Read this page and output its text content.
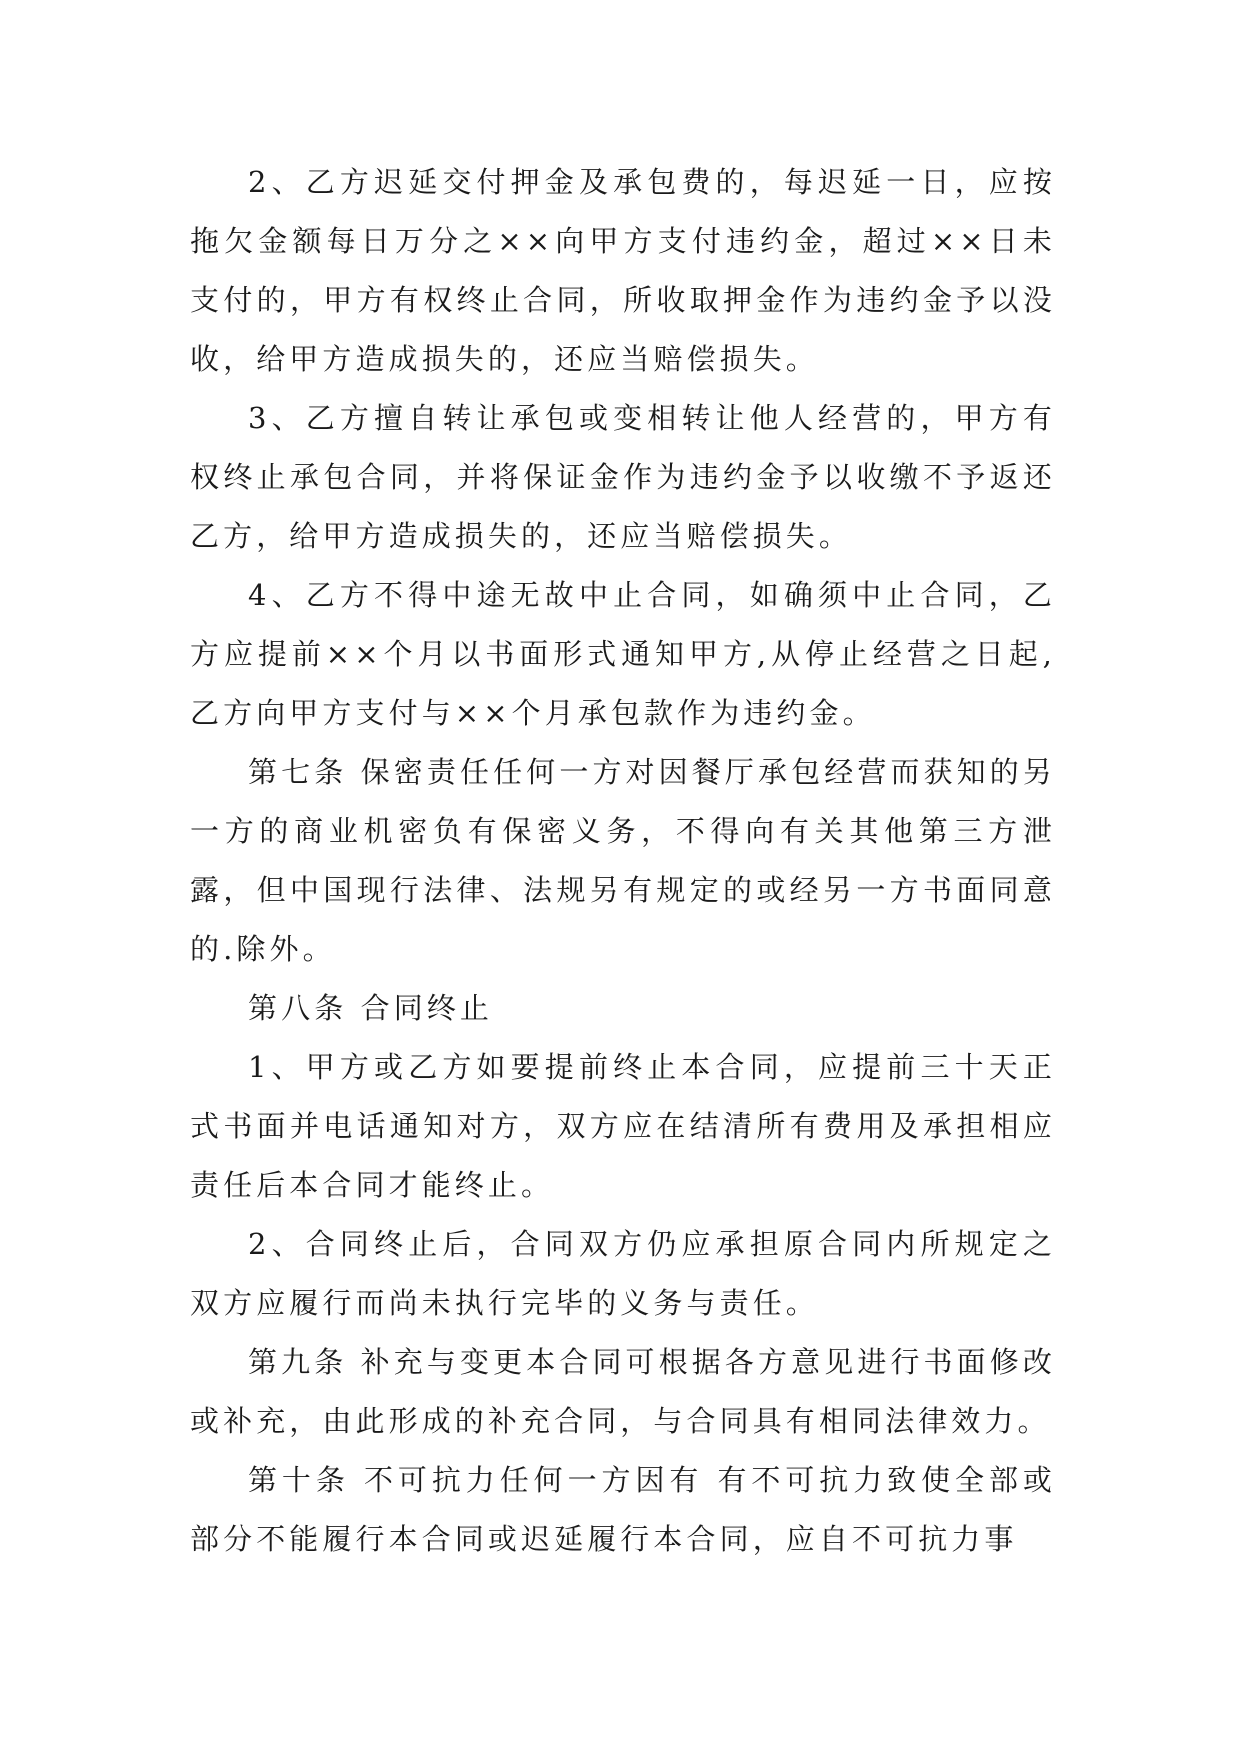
2、乙方迟延交付押金及承包费的，每迟延一日，应按拖欠金额每日万分之××向甲方支付违约金，超过××日未支付的，甲方有权终止合同，所收取押金作为违约金予以没收，给甲方造成损失的，还应当赔偿损失。

3、乙方擅自转让承包或变相转让他人经营的，甲方有权终止承包合同，并将保证金作为违约金予以收缴不予返还乙方，给甲方造成损失的，还应当赔偿损失。

4、乙方不得中途无故中止合同，如确须中止合同，乙方应提前××个月以书面形式通知甲方,从停止经营之日起,乙方向甲方支付与××个月承包款作为违约金。

第七条 保密责任任何一方对因餐厅承包经营而获知的另一方的商业机密负有保密义务，不得向有关其他第三方泄露，但中国现行法律、法规另有规定的或经另一方书面同意的.除外。

第八条 合同终止

1、甲方或乙方如要提前终止本合同，应提前三十天正式书面并电话通知对方，双方应在结清所有费用及承担相应责任后本合同才能终止。

2、合同终止后，合同双方仍应承担原合同内所规定之双方应履行而尚未执行完毕的义务与责任。

第九条 补充与变更本合同可根据各方意见进行书面修改或补充，由此形成的补充合同，与合同具有相同法律效力。

第十条 不可抗力任何一方因有 有不可抗力致使全部或部分不能履行本合同或迟延履行本合同，应自不可抗力事
